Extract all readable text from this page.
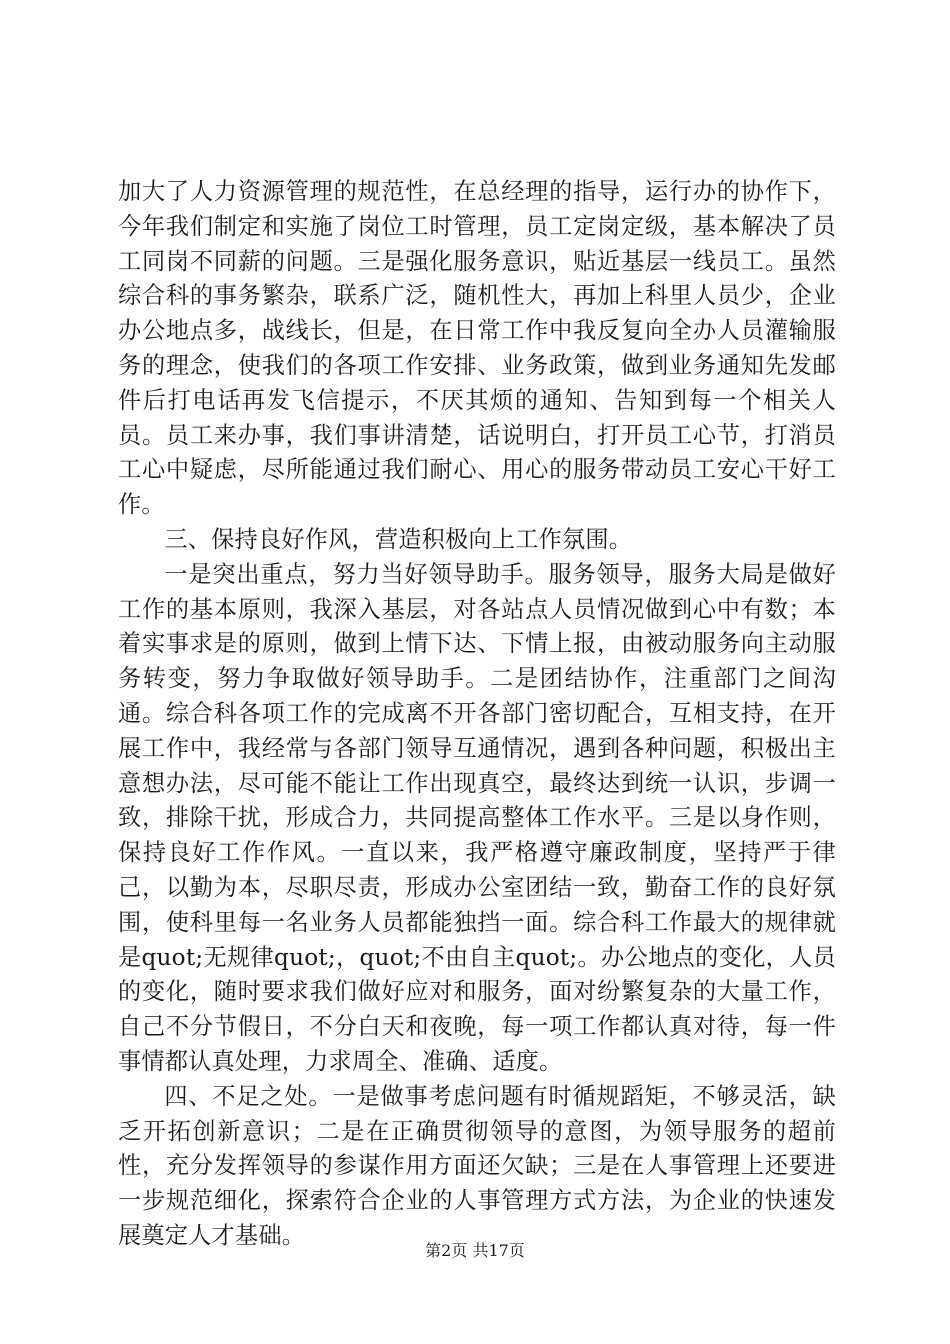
加大了人力资源管理的规范性，在总经理的指导，运行办的协作下，今年我们制定和实施了岗位工时管理，员工定岗定级，基本解决了员工同岗不同薪的问题。三是强化服务意识，贴近基层一线员工。虽然综合科的事务繁杂，联系广泛，随机性大，再加上科里人员少，企业办公地点多，战线长，但是，在日常工作中我反复向全办人员灌输服务的理念，使我们的各项工作安排、业务政策，做到业务通知先发邮件后打电话再发飞信提示，不厌其烦的通知、告知到每一个相关人员。员工来办事，我们事讲清楚，话说明白，打开员工心节，打消员工心中疑虑，尽所能通过我们耐心、用心的服务带动员工安心干好工作。

三、保持良好作风，营造积极向上工作氛围。

一是突出重点，努力当好领导助手。服务领导，服务大局是做好工作的基本原则，我深入基层，对各站点人员情况做到心中有数；本着实事求是的原则，做到上情下达、下情上报，由被动服务向主动服务转变，努力争取做好领导助手。二是团结协作，注重部门之间沟通。综合科各项工作的完成离不开各部门密切配合，互相支持，在开展工作中，我经常与各部门领导互通情况，遇到各种问题，积极出主意想办法，尽可能不能让工作出现真空，最终达到统一认识，步调一致，排除干扰，形成合力，共同提高整体工作水平。三是以身作则，保持良好工作作风。一直以来，我严格遵守廉政制度，坚持严于律己，以勤为本，尽职尽责，形成办公室团结一致，勤奋工作的良好氛围，使科里每一名业务人员都能独挡一面。综合科工作最大的规律就是quot;无规律quot;，quot;不由自主quot;。办公地点的变化，人员的变化，随时要求我们做好应对和服务，面对纷繁复杂的大量工作，自己不分节假日，不分白天和夜晚，每一项工作都认真对待，每一件事情都认真处理，力求周全、准确、适度。

四、不足之处。一是做事考虑问题有时循规蹈矩，不够灵活，缺乏开拓创新意识；二是在正确贯彻领导的意图，为领导服务的超前性，充分发挥领导的参谋作用方面还欠缺；三是在人事管理上还要进一步规范细化，探索符合企业的人事管理方式方法，为企业的快速发展奠定人才基础。

第2页 共17页
